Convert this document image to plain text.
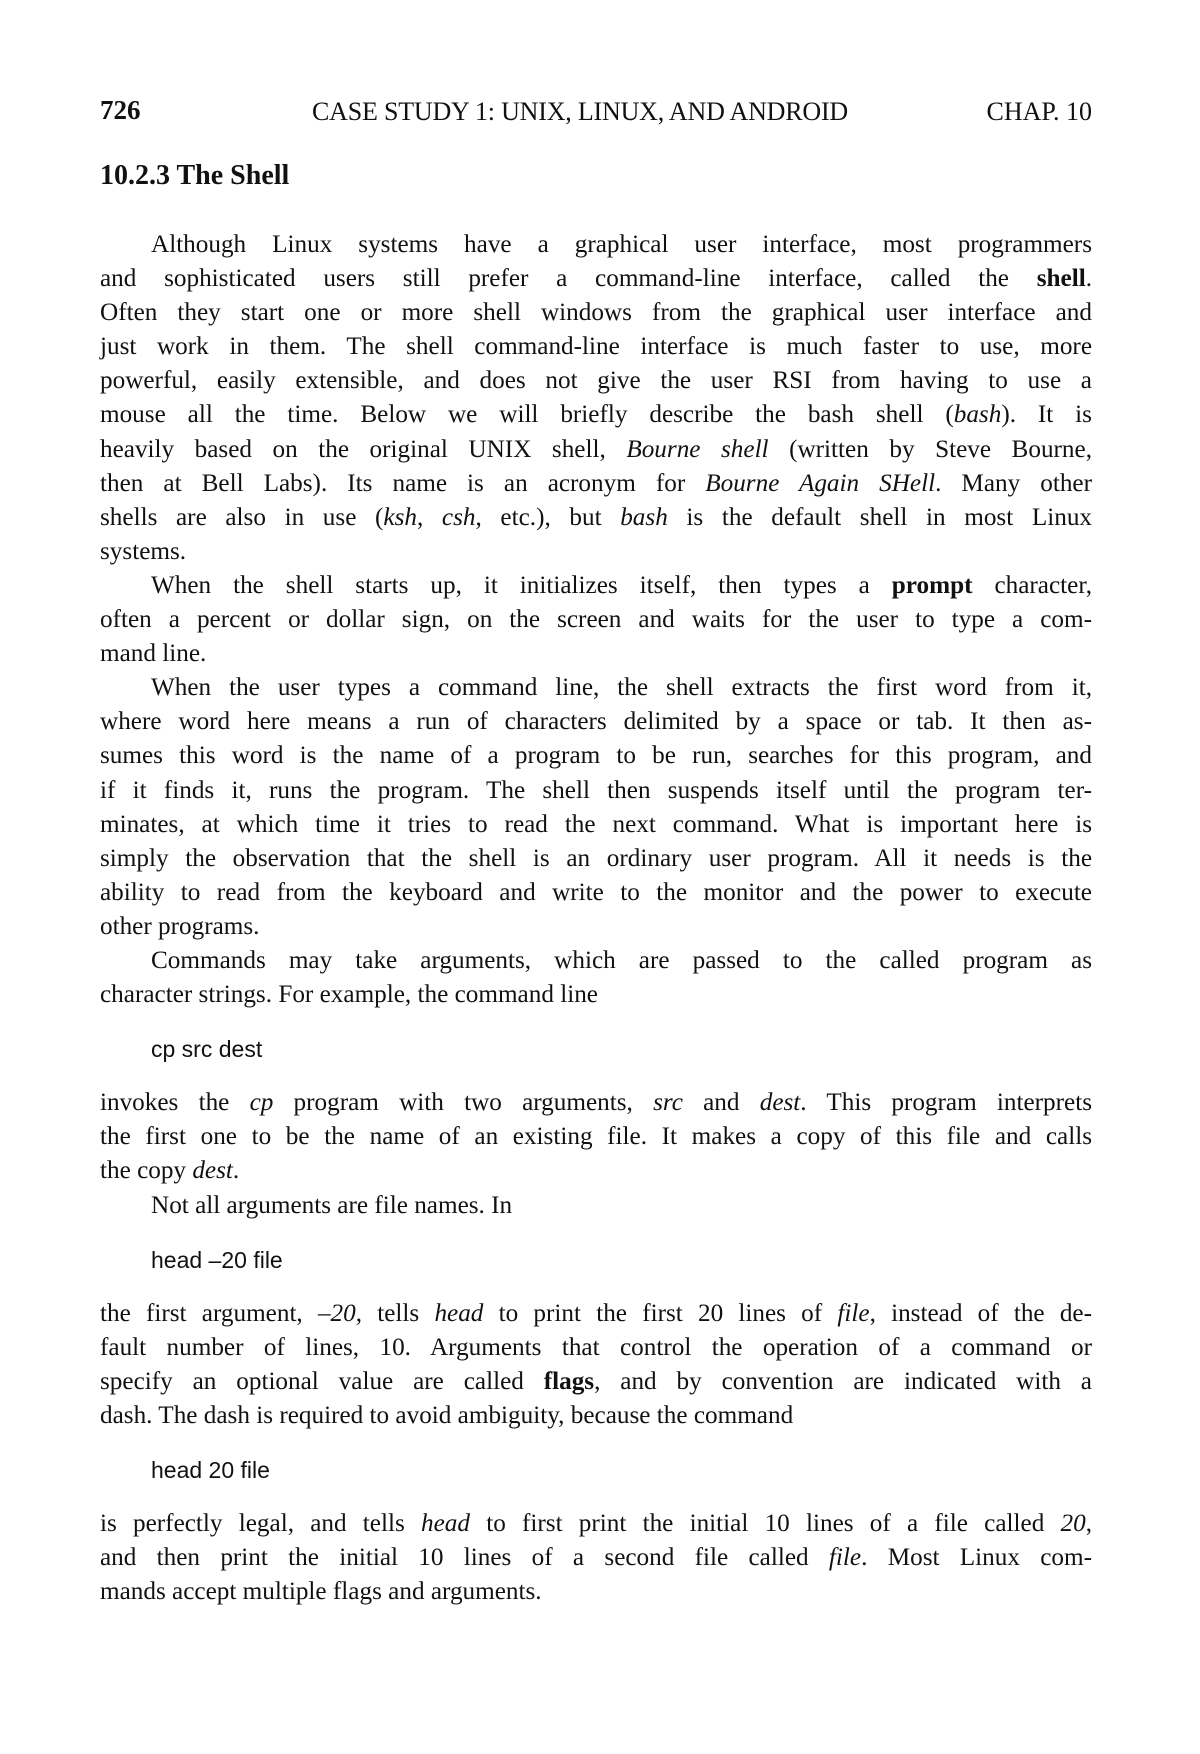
726	CASE STUDY 1: UNIX, LINUX, AND ANDROID	CHAP. 10
10.2.3 The Shell
Although Linux systems have a graphical user interface, most programmers
and sophisticated users still prefer a command-line interface, called the shell.
Often they start one or more shell windows from the graphical user interface and
just work in them. The shell command-line interface is much faster to use, more
powerful, easily extensible, and does not give the user RSI from having to use a
mouse all the time. Below we will briefly describe the bash shell (bash). It is
heavily based on the original UNIX shell, Bourne shell (written by Steve Bourne,
then at Bell Labs). Its name is an acronym for Bourne Again SHell. Many other
shells are also in use (ksh, csh, etc.), but bash is the default shell in most Linux
systems.
When the shell starts up, it initializes itself, then types a prompt character,
often a percent or dollar sign, on the screen and waits for the user to type a com-
mand line.
When the user types a command line, the shell extracts the first word from it,
where word here means a run of characters delimited by a space or tab. It then as-
sumes this word is the name of a program to be run, searches for this program, and
if it finds it, runs the program. The shell then suspends itself until the program ter-
minates, at which time it tries to read the next command. What is important here is
simply the observation that the shell is an ordinary user program. All it needs is the
ability to read from the keyboard and write to the monitor and the power to execute
other programs.
Commands may take arguments, which are passed to the called program as
character strings. For example, the command line
cp src dest
invokes the cp program with two arguments, src and dest. This program interprets
the first one to be the name of an existing file. It makes a copy of this file and calls
the copy dest.
Not all arguments are file names. In
head –20 file
the first argument, –20, tells head to print the first 20 lines of file, instead of the de-
fault number of lines, 10. Arguments that control the operation of a command or
specify an optional value are called flags, and by convention are indicated with a
dash. The dash is required to avoid ambiguity, because the command
head 20 file
is perfectly legal, and tells head to first print the initial 10 lines of a file called 20,
and then print the initial 10 lines of a second file called file. Most Linux com-
mands accept multiple flags and arguments.
